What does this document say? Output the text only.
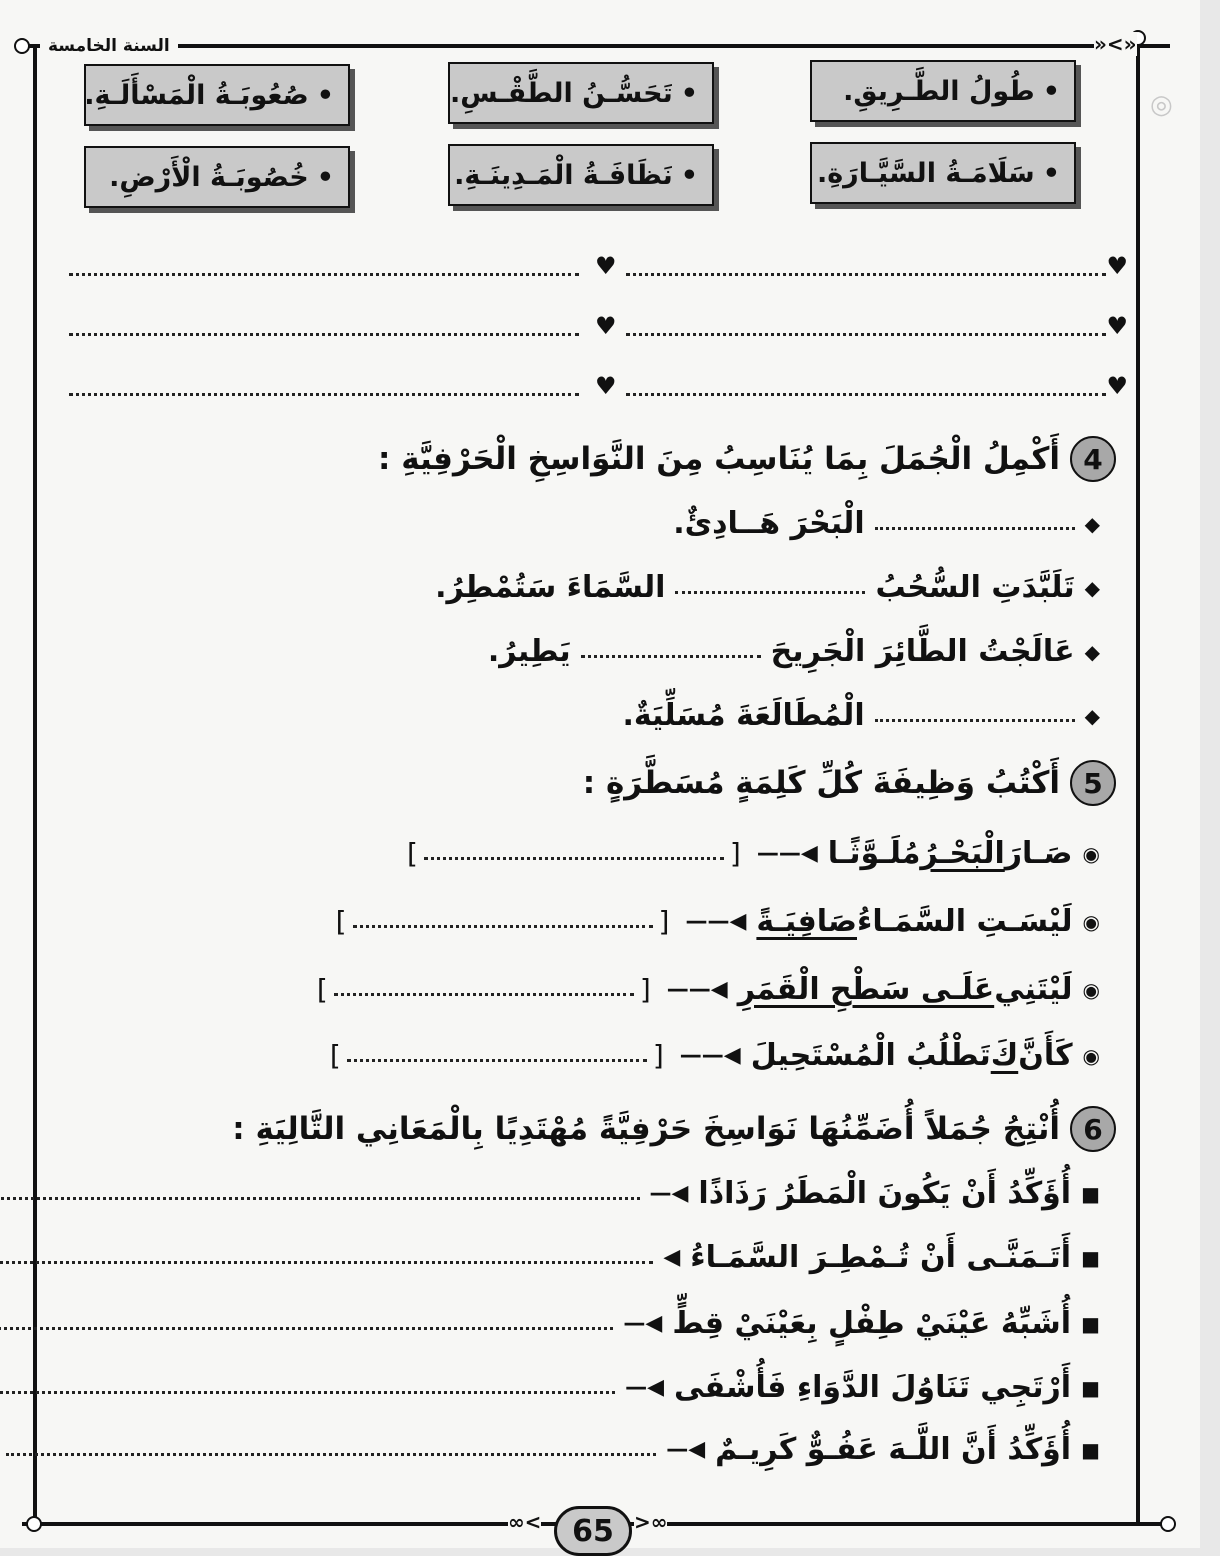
»<»
السنة الخامسة
◎
•
طُولُ الطَّـرِيقِ.
•
تَحَسُّـنُ الطَّقْـسِ.
•
صُعُوبَـةُ الْمَسْأَلَـةِ.
•
سَلَامَـةُ السَّيَّـارَةِ.
•
نَظَافَـةُ الْمَـدِينَـةِ.
•
خُصُوبَـةُ الْأَرْضِ.
♥
♥
♥
♥
♥
♥
4
أَكْمِلُ الْجُمَلَ بِمَا يُنَاسِبُ مِنَ النَّوَاسِخِ الْحَرْفِيَّةِ :
◆
الْبَحْرَ هَــادِئٌ.
◆
تَلَبَّدَتِ السُّحُبُ
السَّمَاءَ سَتُمْطِرُ.
◆
عَالَجْتُ الطَّائِرَ الْجَرِيحَ
يَطِيرُ.
◆
الْمُطَالَعَةَ مُسَلِّيَةٌ.
5
أَكْتُبُ وَظِيفَةَ كُلِّ كَلِمَةٍ مُسَطَّرَةٍ :
◉
صَـارَ
الْبَحْـرُ
مُلَـوَّثًـا
◀——
[
]
◉
لَيْسَـتِ السَّمَـاءُ
صَافِيَـةً
◀——
[
]
◉
لَيْتَنِي
عَلَـى سَطْحِ الْقَمَرِ
◀——
[
]
◉
كَأَنَّ
كَ
تَطْلُبُ الْمُسْتَحِيلَ
◀——
[
]
6
أُنْتِجُ جُمَلاً أُضَمِّنُهَا نَوَاسِخَ حَرْفِيَّةً مُهْتَدِيًا بِالْمَعَانِي التَّالِيَةِ :
■
أُؤَكِّدُ أَنْ يَكُونَ الْمَطَرُ رَذَاذًا
◀—
■
أَتَـمَنَّـى أَنْ تُـمْطِـرَ السَّمَـاءُ
◀
■
أُشَبِّهُ عَيْنَيْ طِفْلٍ بِعَيْنَيْ قِطٍّ
◀—
■
أَرْتَجِي تَنَاوُلَ الدَّوَاءِ فَأُشْفَى
◀—
■
أُؤَكِّدُ أَنَّ اللَّـهَ عَفُـوٌّ كَرِيـمٌ
◀—
∞< 65 >∞
